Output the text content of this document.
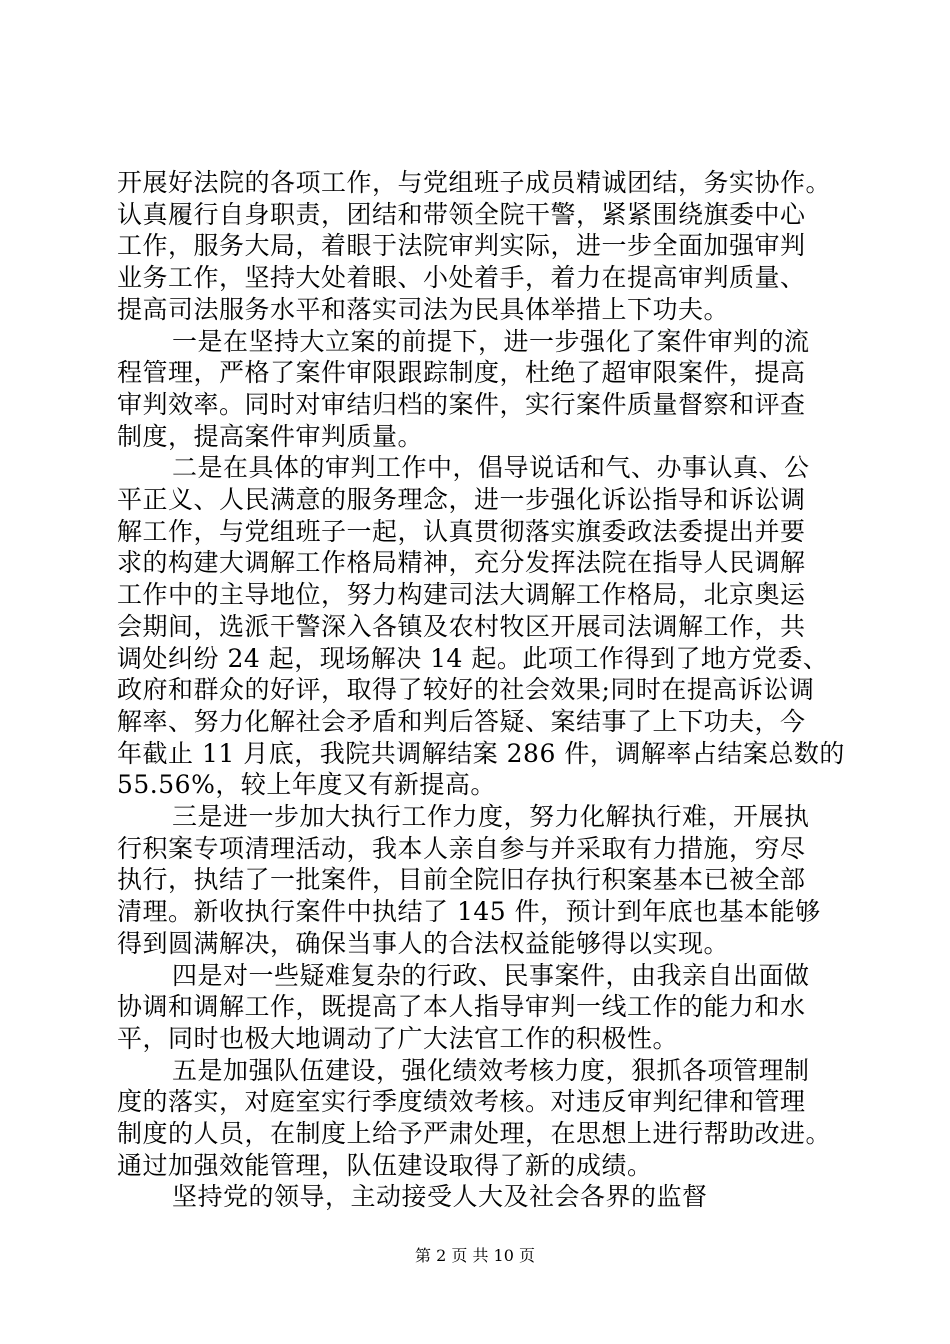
开展好法院的各项工作，与党组班子成员精诚团结，务实协作。
认真履行自身职责，团结和带领全院干警，紧紧围绕旗委中心
工作，服务大局，着眼于法院审判实际，进一步全面加强审判
业务工作，坚持大处着眼、小处着手，着力在提高审判质量、
提高司法服务水平和落实司法为民具体举措上下功夫。
一是在坚持大立案的前提下，进一步强化了案件审判的流
程管理，严格了案件审限跟踪制度，杜绝了超审限案件，提高
审判效率。同时对审结归档的案件，实行案件质量督察和评查
制度，提高案件审判质量。
二是在具体的审判工作中，倡导说话和气、办事认真、公
平正义、人民满意的服务理念，进一步强化诉讼指导和诉讼调
解工作，与党组班子一起，认真贯彻落实旗委政法委提出并要
求的构建大调解工作格局精神，充分发挥法院在指导人民调解
工作中的主导地位，努力构建司法大调解工作格局，北京奥运
会期间，选派干警深入各镇及农村牧区开展司法调解工作，共
调处纠纷 24 起，现场解决 14 起。此项工作得到了地方党委、
政府和群众的好评，取得了较好的社会效果;同时在提高诉讼调
解率、努力化解社会矛盾和判后答疑、案结事了上下功夫，今
年截止 11 月底，我院共调解结案 286 件，调解率占结案总数的
55.56%，较上年度又有新提高。
三是进一步加大执行工作力度，努力化解执行难，开展执
行积案专项清理活动，我本人亲自参与并采取有力措施，穷尽
执行，执结了一批案件，目前全院旧存执行积案基本已被全部
清理。新收执行案件中执结了 145 件，预计到年底也基本能够
得到圆满解决，确保当事人的合法权益能够得以实现。
四是对一些疑难复杂的行政、民事案件，由我亲自出面做
协调和调解工作，既提高了本人指导审判一线工作的能力和水
平，同时也极大地调动了广大法官工作的积极性。
五是加强队伍建设，强化绩效考核力度，狠抓各项管理制
度的落实，对庭室实行季度绩效考核。对违反审判纪律和管理
制度的人员，在制度上给予严肃处理，在思想上进行帮助改进。
通过加强效能管理，队伍建设取得了新的成绩。
坚持党的领导，主动接受人大及社会各界的监督
第 2 页 共 10 页
